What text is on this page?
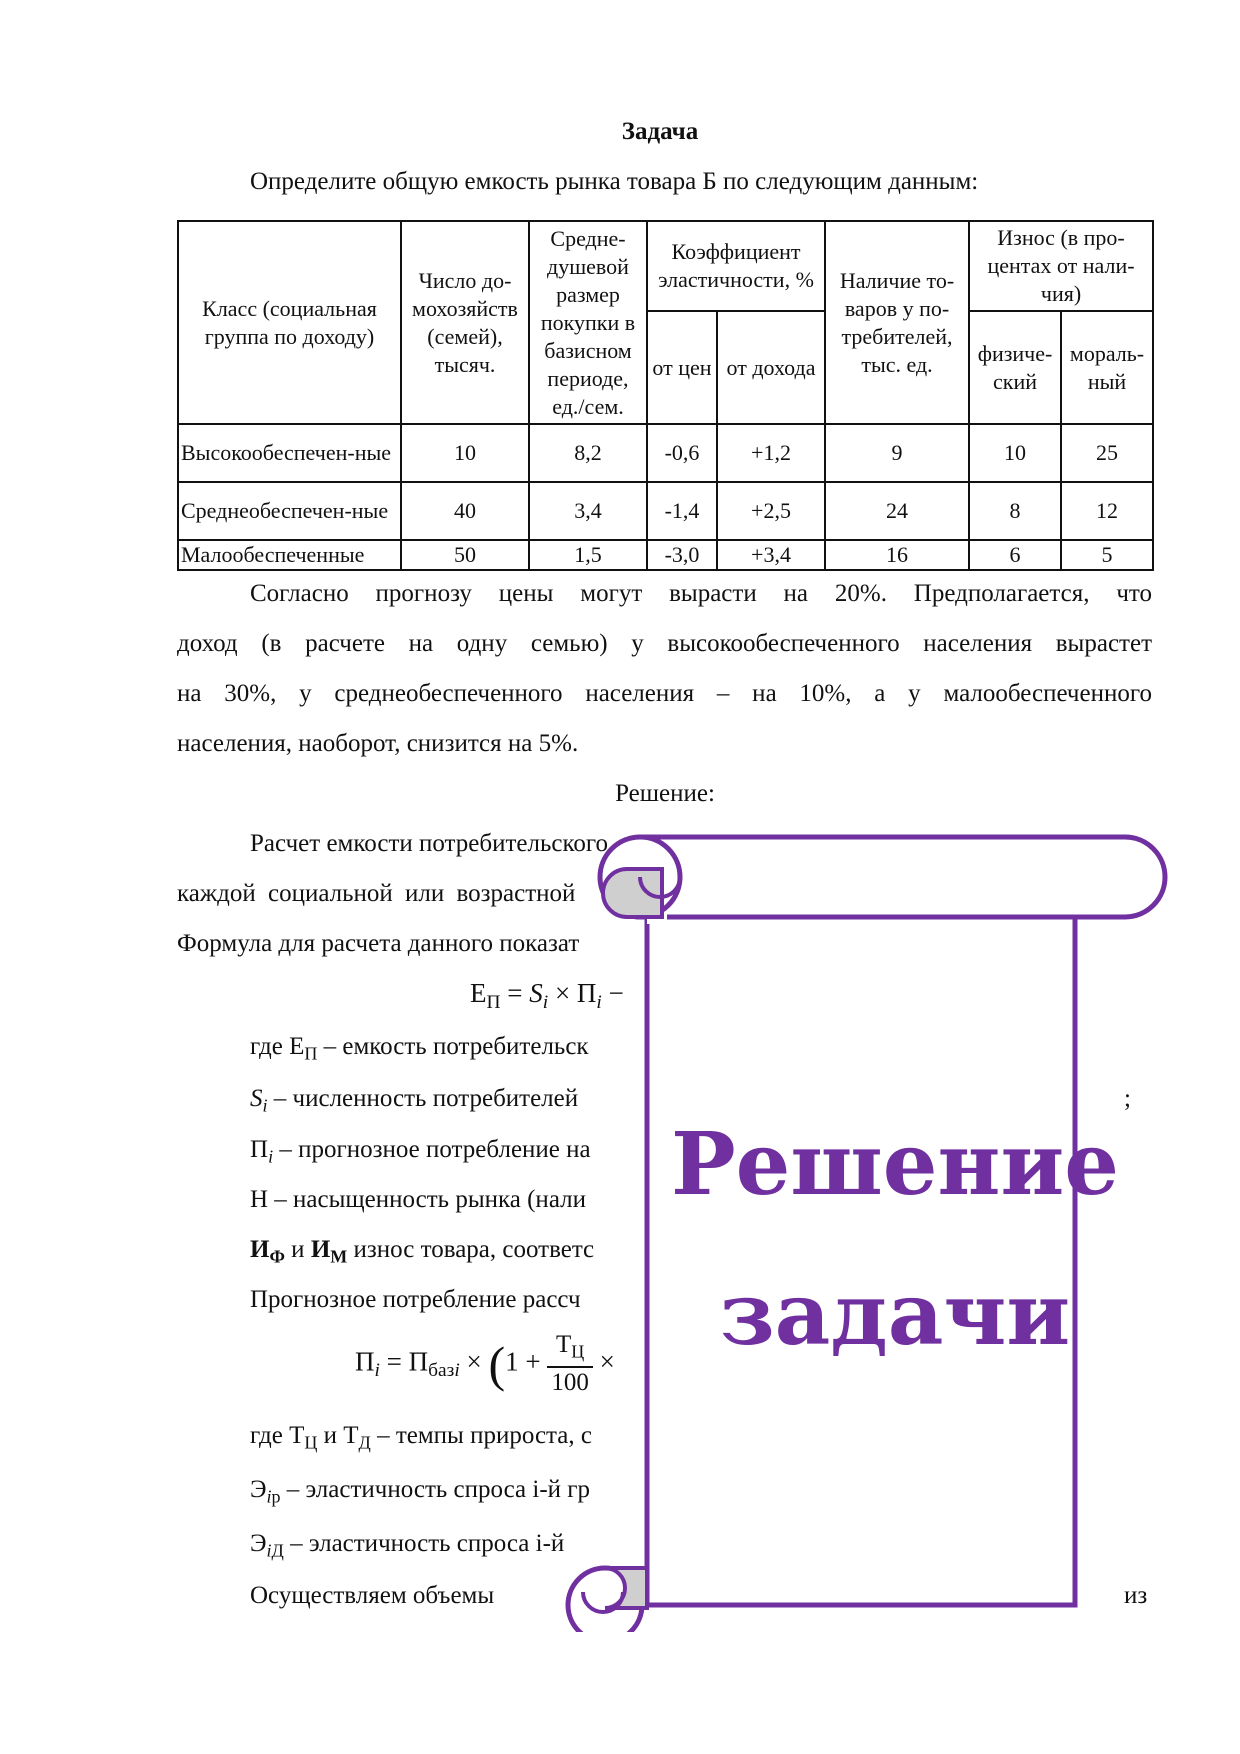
Задача
Определите общую емкость рынка товара Б по следующим данным:
Класс (социальная группа по доходу)	Число до-мохозяйств (семей), тысяч.	Средне-душевой размер покупки в базисном периоде, ед./сем.	Коэффициент эластичности, %		Наличие то-варов у по-требителей, тыс. ед.	Износ (в про-центах от нали-чия)	
			от цен	от дохода		физиче-ский	мораль-ный
Высокообеспечен-ные	10	8,2	-0,6	+1,2	9	10	25
Среднеобеспечен-ные	40	3,4	-1,4	+2,5	24	8	12
Малообеспеченные	50	1,5	-3,0	+3,4	16	6	5
Согласно прогнозу цены могут вырасти на 20%. Предполагается, что
доход (в расчете на одну семью) у высокообеспеченного населения вырастет
на 30%, у среднеобеспеченного населения – на 10%, а у малообеспеченного
населения, наоборот, снизится на 5%.
Решение:
Расчет емкости потребительского
каждой социальной или возрастной
Формула для расчета данного показат
$Е_П = S_i \times П_i$ −
где $Е_П$ – емкость потребительск
$S_i$ – численность потребителей	;
$П_i$ – прогнозное потребление на
Н – насыщенность рынка (нали
$И_Ф$ и $И_М$ износ товара, соответс
Прогнозное потребление рассч
$П_i = П_{базi} \times (1 + \frac{Т_Ц}{100}$ ×
где $Т_Ц$ и $Т_Д$ – темпы прироста, с
$Э_{iр}$ – эластичность спроса i-й гр
$Э_{iД}$ – эластичность спроса i-й
Осуществляем объемы	из
Решение
задачи
